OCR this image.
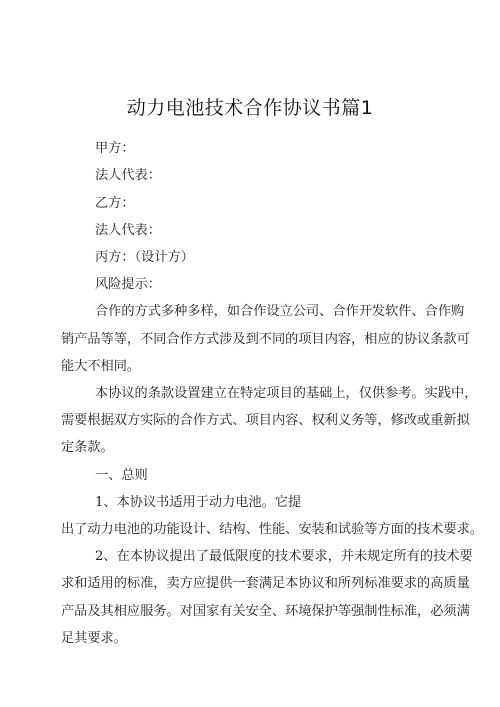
动力电池技术合作协议书篇1
甲方：
法人代表：
乙方：
法人代表：
丙方：（设计方）
风险提示：
合作的方式多种多样，如合作设立公司、合作开发软件、合作购
销产品等等，不同合作方式涉及到不同的项目内容，相应的协议条款可
能大不相同。
本协议的条款设置建立在特定项目的基础上，仅供参考。实践中，
需要根据双方实际的合作方式、项目内容、权利义务等，修改或重新拟
定条款。
一、总则
1、本协议书适用于动力电池。它提
出了动力电池的功能设计、结构、性能、安装和试验等方面的技术要求。
2、在本协议提出了最低限度的技术要求，并未规定所有的技术要
求和适用的标准，卖方应提供一套满足本协议和所列标准要求的高质量
产品及其相应服务。对国家有关安全、环境保护等强制性标准，必须满
足其要求。
